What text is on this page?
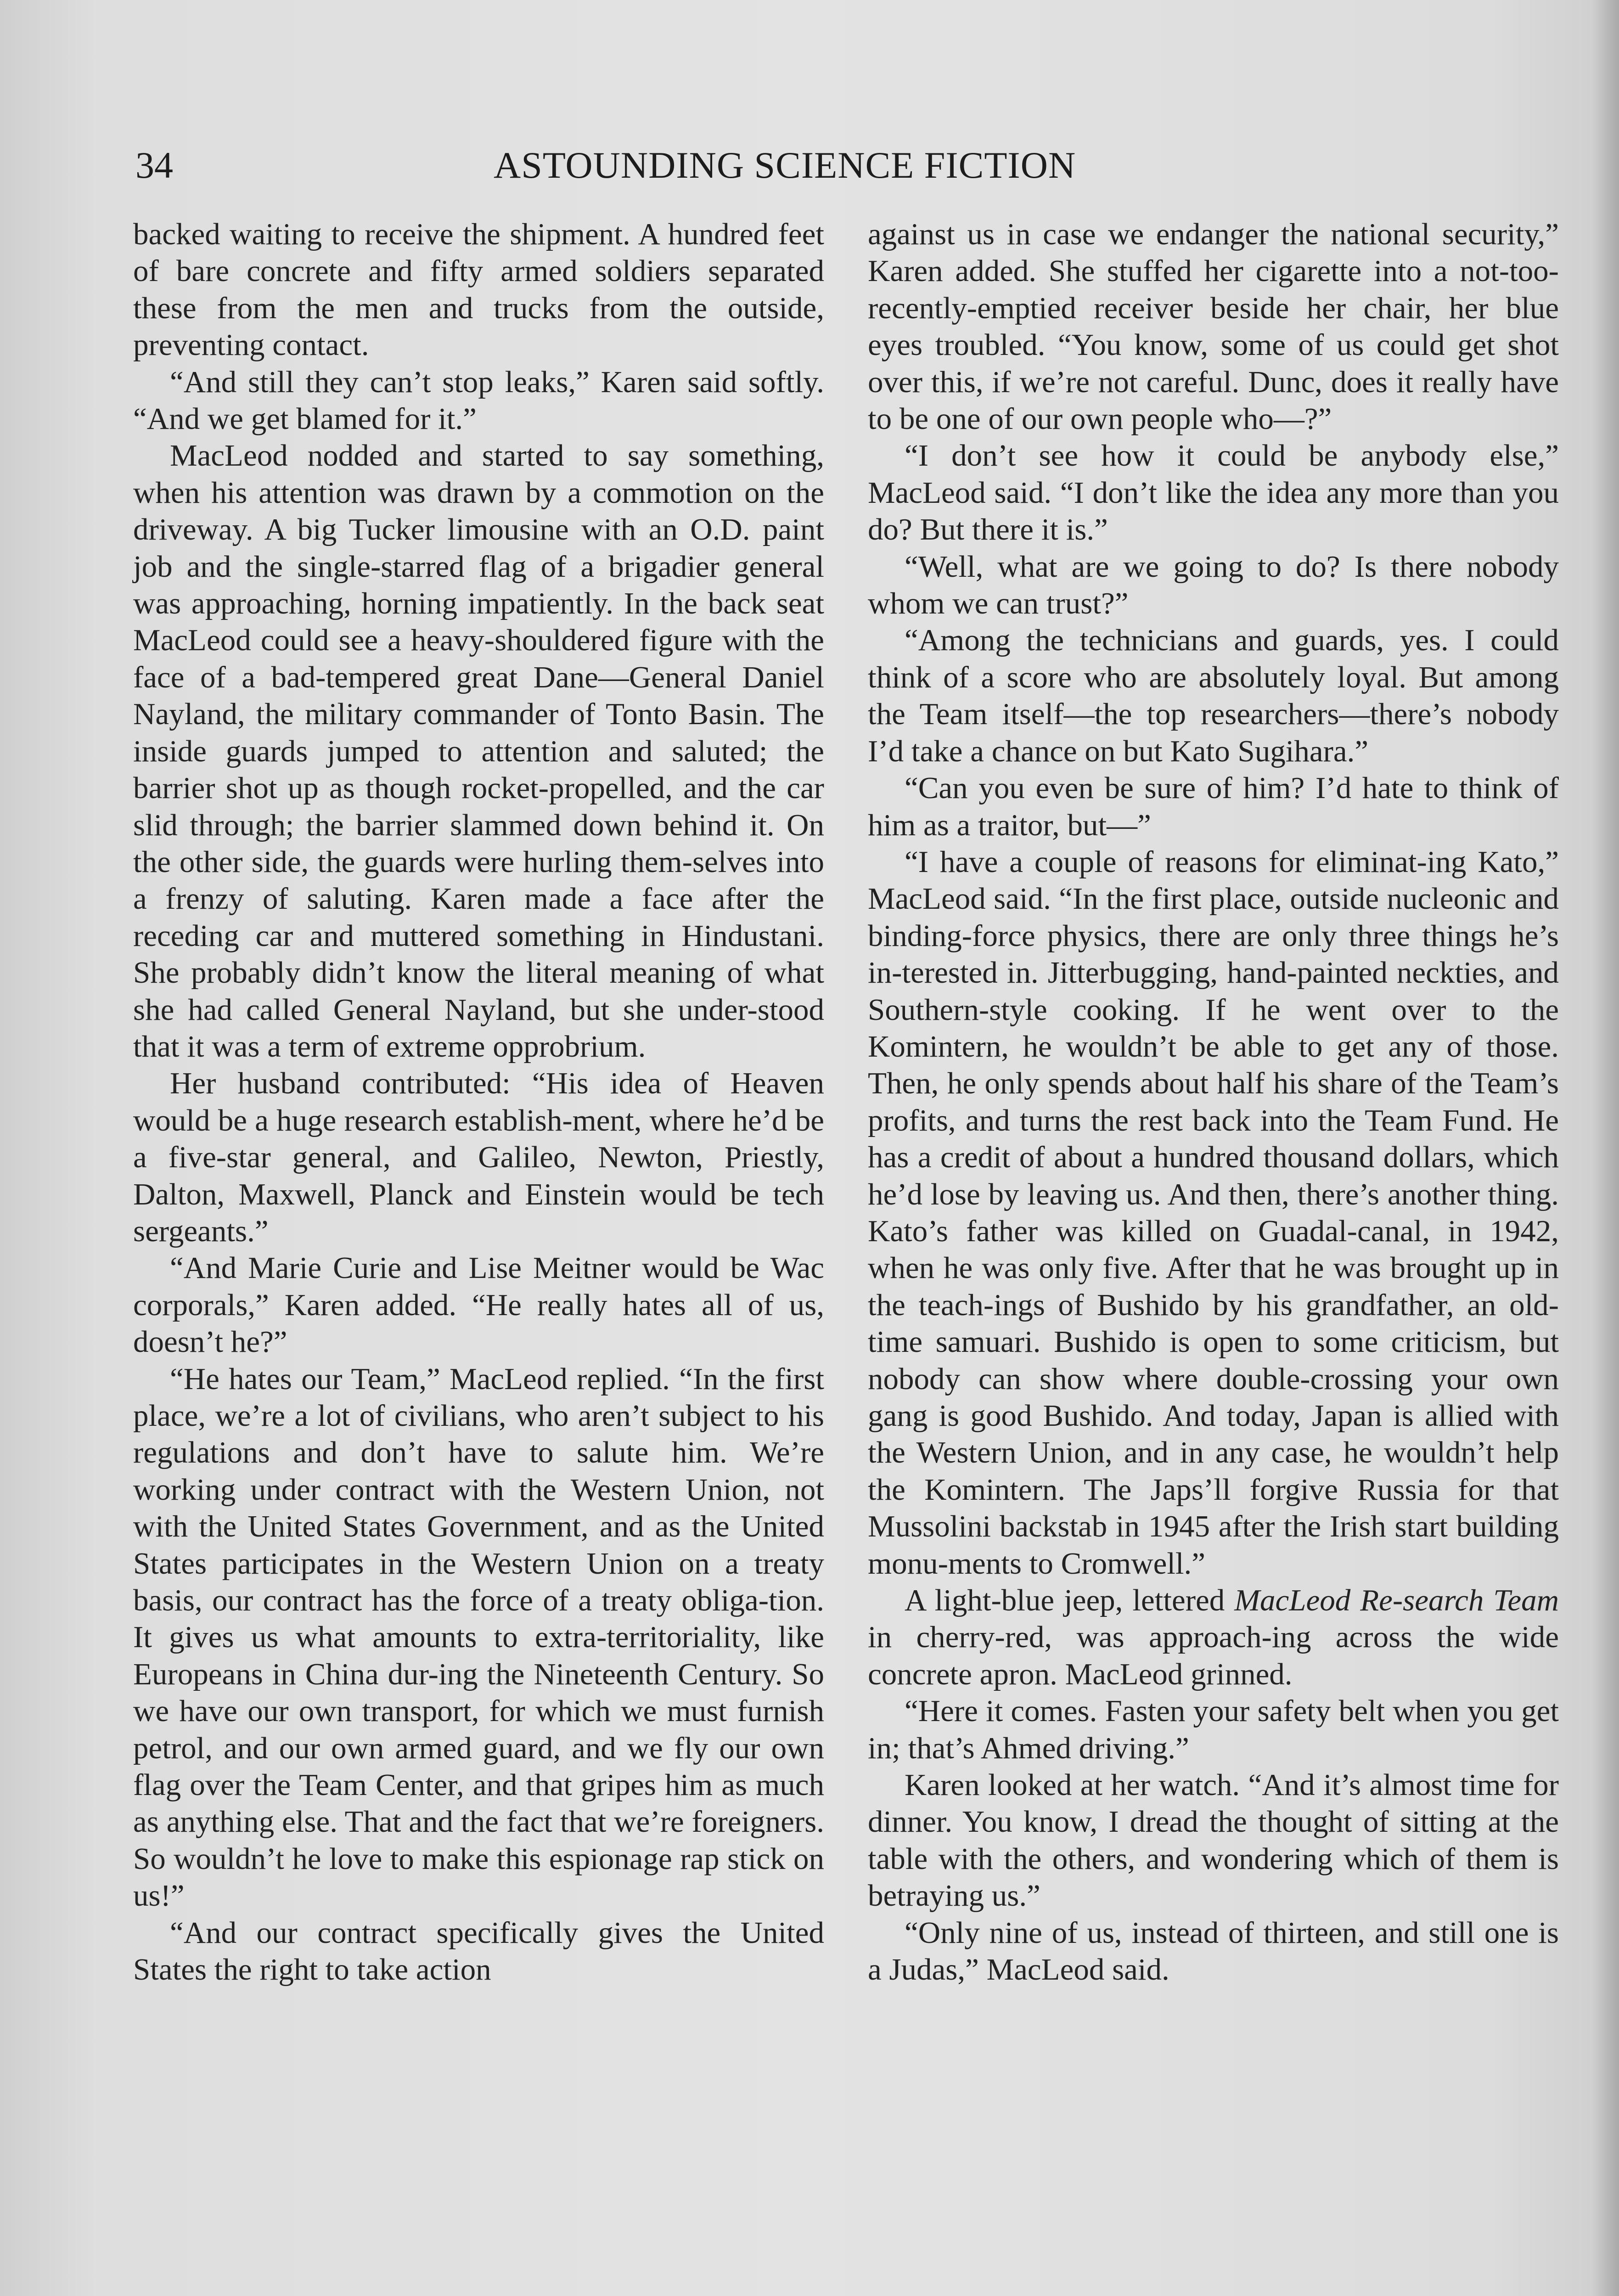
34	ASTOUNDING SCIENCE FICTION

backed waiting to receive the shipment. A hundred feet of bare concrete and fifty armed soldiers separated these from the men and trucks from the outside, preventing contact.

“And still they can’t stop leaks,” Karen said softly. “And we get blamed for it.”

MacLeod nodded and started to say something, when his attention was drawn by a commotion on the driveway. A big Tucker limousine with an O.D. paint job and the single-starred flag of a brigadier general was approaching, horning impatiently. In the back seat MacLeod could see a heavy-shouldered figure with the face of a bad-tempered great Dane—General Daniel Nayland, the military commander of Tonto Basin. The inside guards jumped to attention and saluted; the barrier shot up as though rocket-propelled, and the car slid through; the barrier slammed down behind it. On the other side, the guards were hurling them-selves into a frenzy of saluting. Karen made a face after the receding car and muttered something in Hindustani. She probably didn’t know the literal meaning of what she had called General Nayland, but she under-stood that it was a term of extreme opprobrium.

Her husband contributed: “His idea of Heaven would be a huge research establish-ment, where he’d be a five-star general, and Galileo, Newton, Priestly, Dalton, Maxwell, Planck and Einstein would be tech sergeants.”

“And Marie Curie and Lise Meitner would be Wac corporals,” Karen added. “He really hates all of us, doesn’t he?”

“He hates our Team,” MacLeod replied. “In the first place, we’re a lot of civilians, who aren’t subject to his regulations and don’t have to salute him. We’re working under contract with the Western Union, not with the United States Government, and as the United States participates in the Western Union on a treaty basis, our contract has the force of a treaty obliga-tion. It gives us what amounts to extra-territoriality, like Europeans in China dur-ing the Nineteenth Century. So we have our own transport, for which we must furnish petrol, and our own armed guard, and we fly our own flag over the Team Center, and that gripes him as much as anything else. That and the fact that we’re foreigners. So wouldn’t he love to make this espionage rap stick on us!”

“And our contract specifically gives the United States the right to take action

against us in case we endanger the national security,” Karen added. She stuffed her cigarette into a not-too-recently-emptied receiver beside her chair, her blue eyes troubled. “You know, some of us could get shot over this, if we’re not careful. Dunc, does it really have to be one of our own people who—?”

“I don’t see how it could be anybody else,” MacLeod said. “I don’t like the idea any more than you do? But there it is.”

“Well, what are we going to do? Is there nobody whom we can trust?”

“Among the technicians and guards, yes. I could think of a score who are absolutely loyal. But among the Team itself—the top researchers—there’s nobody I’d take a chance on but Kato Sugihara.”

“Can you even be sure of him? I’d hate to think of him as a traitor, but—”

“I have a couple of reasons for eliminat-ing Kato,” MacLeod said. “In the first place, outside nucleonic and binding-force physics, there are only three things he’s in-terested in. Jitterbugging, hand-painted neckties, and Southern-style cooking. If he went over to the Komintern, he wouldn’t be able to get any of those. Then, he only spends about half his share of the Team’s profits, and turns the rest back into the Team Fund. He has a credit of about a hundred thousand dollars, which he’d lose by leaving us. And then, there’s another thing. Kato’s father was killed on Guadal-canal, in 1942, when he was only five. After that he was brought up in the teach-ings of Bushido by his grandfather, an old-time samuari. Bushido is open to some criticism, but nobody can show where double-crossing your own gang is good Bushido. And today, Japan is allied with the Western Union, and in any case, he wouldn’t help the Komintern. The Japs’ll forgive Russia for that Mussolini backstab in 1945 after the Irish start building monu-ments to Cromwell.”

A light-blue jeep, lettered MacLeod Re-search Team in cherry-red, was approach-ing across the wide concrete apron. MacLeod grinned.

“Here it comes. Fasten your safety belt when you get in; that’s Ahmed driving.”

Karen looked at her watch. “And it’s almost time for dinner. You know, I dread the thought of sitting at the table with the others, and wondering which of them is betraying us.”

“Only nine of us, instead of thirteen, and still one is a Judas,” MacLeod said.
